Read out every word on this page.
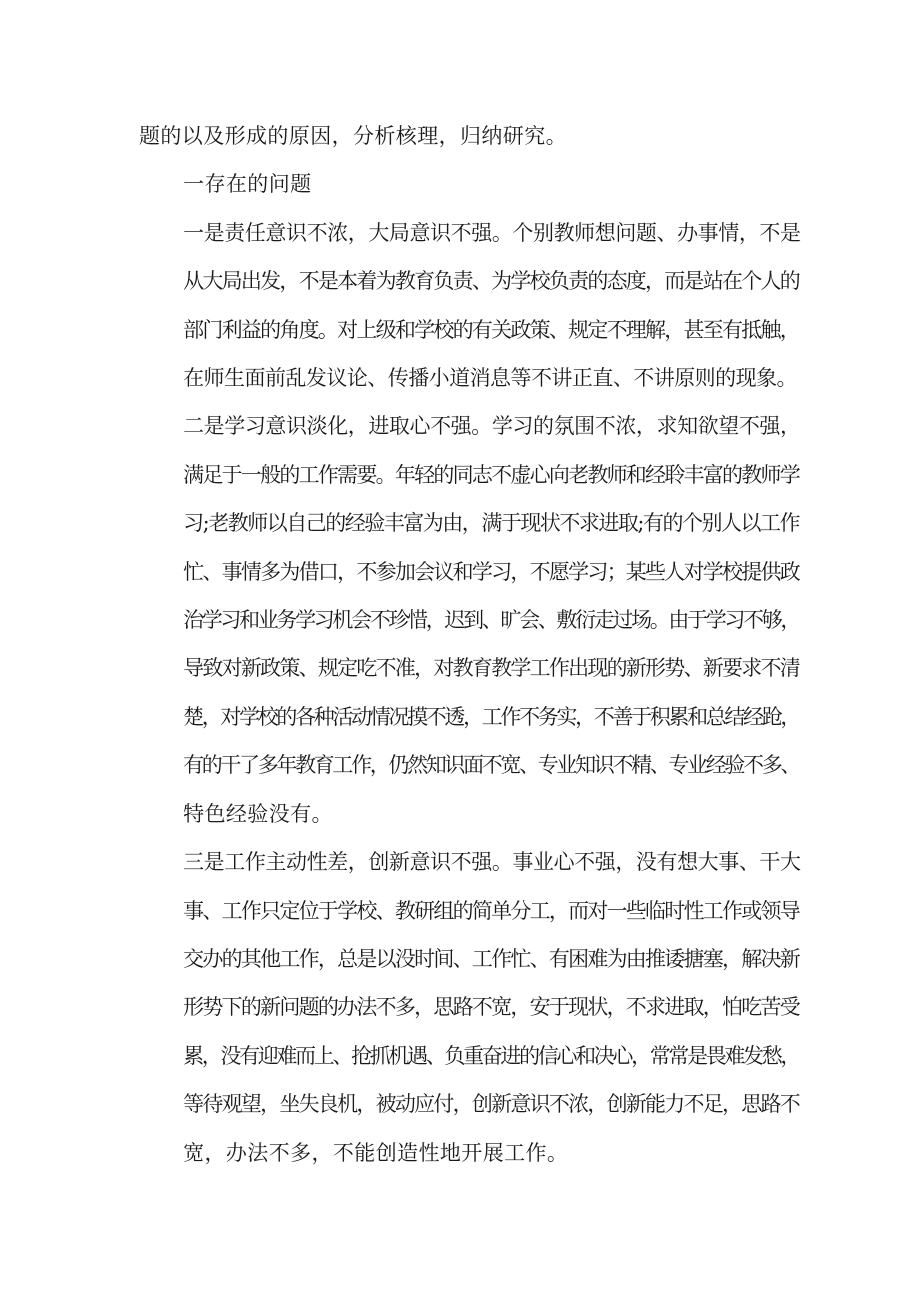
题的以及形成的原因，分析核理，归纳研究。

一存在的问题

一是责任意识不浓，大局意识不强。个别教师想问题、办事情，不是
从大局出发，不是本着为教育负责、为学校负责的态度，而是站在个人的
部门利益的角度。对上级和学校的有关政策、规定不理解，甚至有抵触，
在师生面前乱发议论、传播小道消息等不讲正直、不讲原则的现象。

二是学习意识淡化，进取心不强。学习的氛围不浓，求知欲望不强，
满足于一般的工作需要。年轻的同志不虚心向老教师和经聆丰富的教师学
习;老教师以自己的经验丰富为由，满于现状不求进取;有的个别人以工作
忙、事情多为借口，不参加会议和学习，不愿学习；某些人对学校提供政
治学习和业务学习机会不珍惜，迟到、旷会、敷衍走过场。由于学习不够，
导致对新政策、规定吃不准，对教育教学工作出现的新形势、新要求不清
楚，对学校的各种活动情况摸不透，工作不务实，不善于积累和总结经跄，
有的干了多年教育工作，仍然知识面不宽、专业知识不精、专业经验不多、
特色经验没有。

三是工作主动性差，创新意识不强。事业心不强，没有想大事、干大
事、工作只定位于学校、教研组的简单分工，而对一些临时性工作或领导
交办的其他工作，总是以没时间、工作忙、有困难为由推诿搪塞，解决新
形势下的新问题的办法不多，思路不宽，安于现状，不求进取，怕吃苦受
累，没有迎难而上、抢抓机遇、负重奋进的信心和决心，常常是畏难发愁，
等待观望，坐失良机，被动应付，创新意识不浓，创新能力不足，思路不
宽，办法不多，不能创造性地开展工作。
